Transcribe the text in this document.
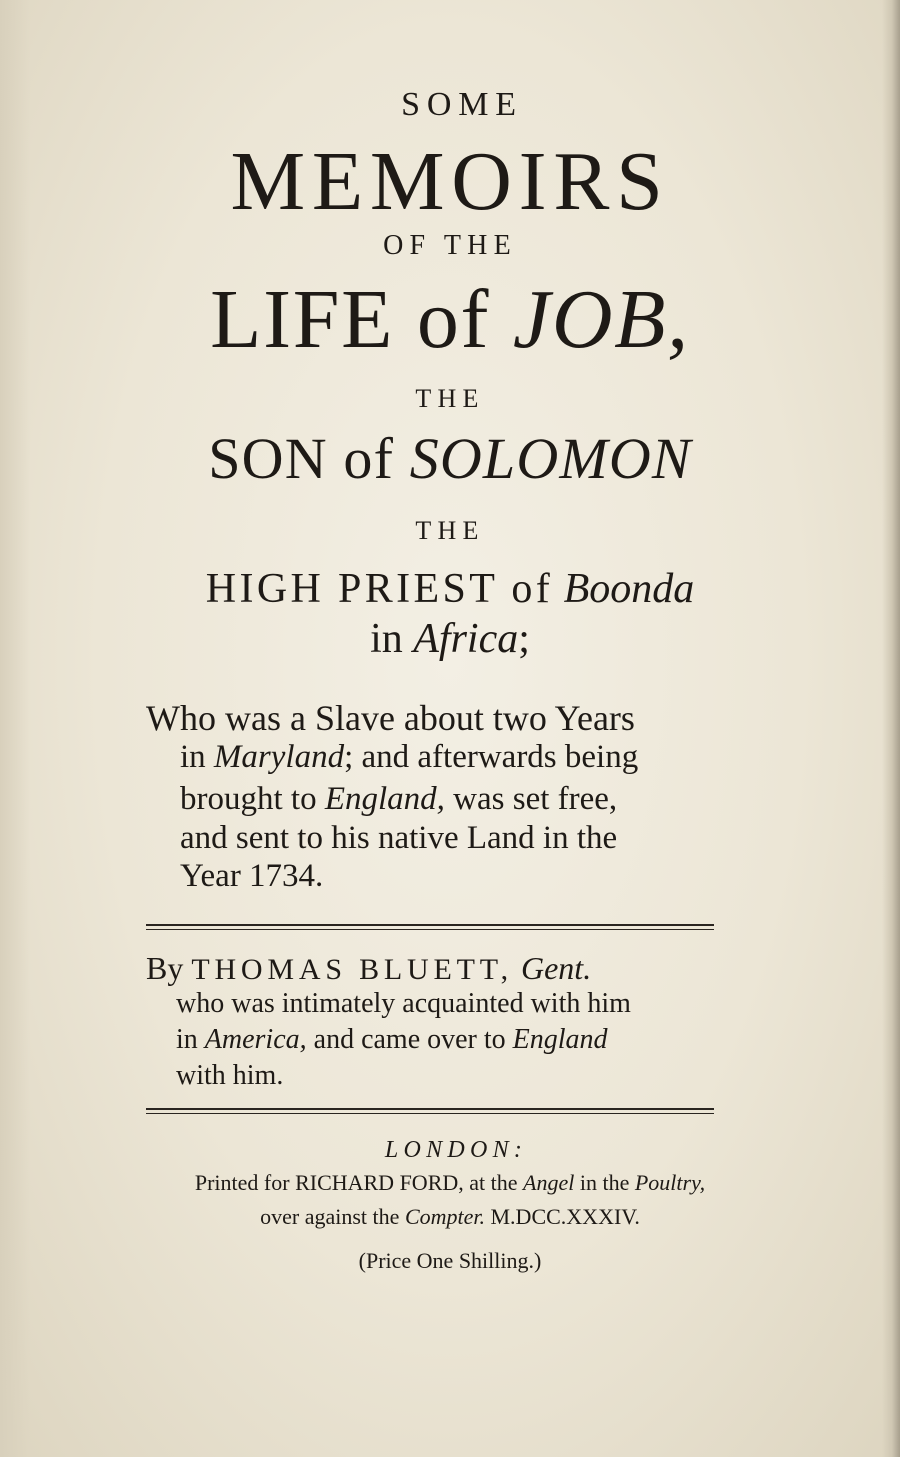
SOME
MEMOIRS
OF THE
LIFE of JOB,
THE
SON of SOLOMON
THE
HIGH PRIEST of Boonda
in Africa;
Who was a Slave about two Years
in Maryland; and afterwards being
brought to England, was set free,
and sent to his native Land in the
Year 1734.
By THOMAS BLUETT, Gent.
who was intimately acquainted with him
in America, and came over to England
with him.
LONDON:
Printed for RICHARD FORD, at the Angel in the Poultry,
over against the Compter. M.DCC.XXXIV.
(Price One Shilling.)
